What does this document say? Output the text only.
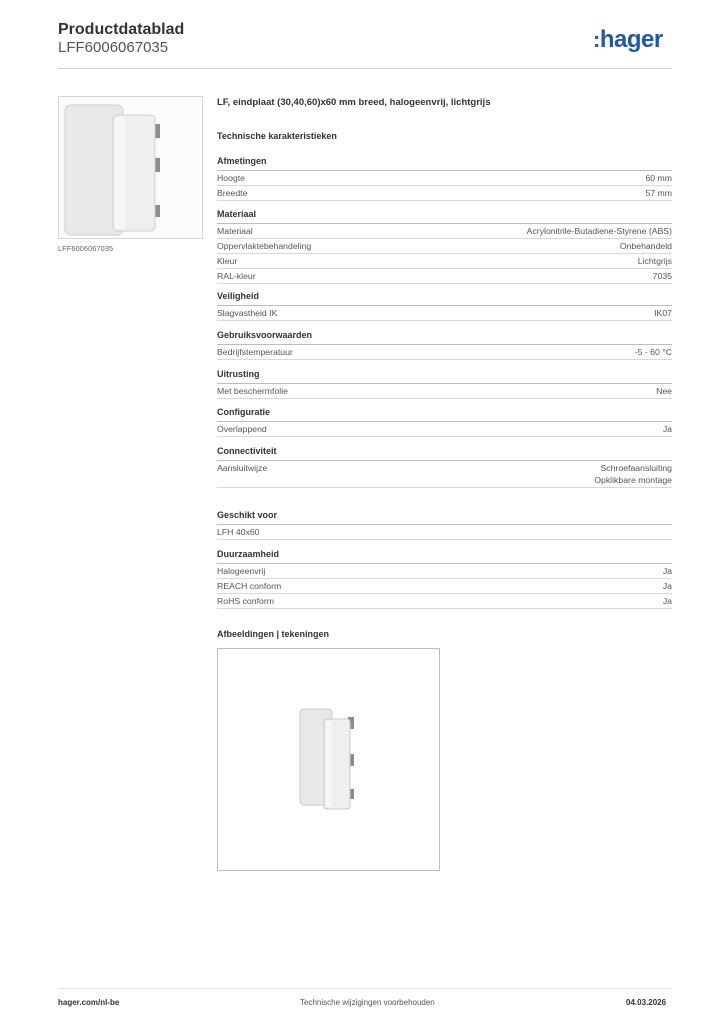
Productdatablad
LFF6006067035	:hager
LFF6006067035
LF, eindplaat (30,40,60)x60 mm breed, halogeenvrij, lichtgrijs
Technische karakteristieken
Afmetingen
Hoogte	60 mm
Breedte	57 mm
Materiaal
Materiaal	Acrylonitrile-Butadiene-Styrene (ABS)
Oppervlaktebehandeling	Onbehandeld
Kleur	Lichtgrijs
RAL-kleur	7035
Veiligheid
Slagvastheid IK	IK07
Gebruiksvoorwaarden
Bedrijfstemperatuur	-5 - 60 °C
Uitrusting
Met beschermfolie	Nee
Configuratie
Overlappend	Ja
Connectiviteit
Aansluitwijze	Schroefaansluiting
Opklikbare montage
Geschikt voor
LFH 40x60
Duurzaamheid
Halogeenvrij	Ja
REACH conform	Ja
RoHS conform	Ja
Afbeeldingen | tekeningen
hager.com/nl-be	Technische wijzigingen voorbehouden	04.03.2026
